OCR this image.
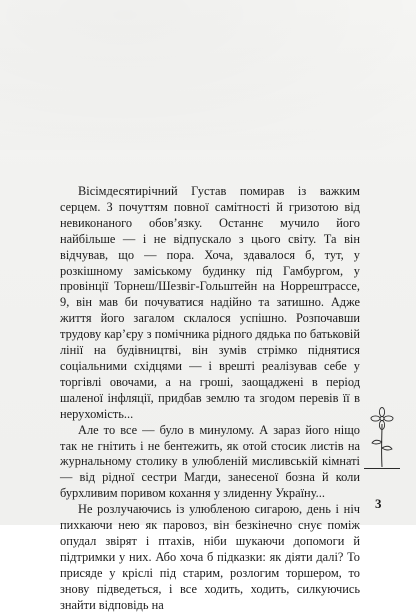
Вісімдесятирічний Густав помирав із важким серцем. З почуттям повної самітності й гризотою від невиконаного обов’язку. Останнє мучило його найбільше — і не відпускало з цього світу. Та він відчував, що — пора. Хоча, здавалося б, тут, у розкішному заміському будинку під Гамбургом, у провінції Торнеш/Шезвіг-Гольштейн на Норрештрассе, 9, він мав би почуватися надійно та затишно. Адже життя його загалом склалося успішно. Розпочавши трудову кар’єру з помічника рідного дядька по батьковій лінії на будівництві, він зумів стрімко піднятися соціальними східцями — і врешті реалізував себе у торгівлі овочами, а на гроші, заощаджені в період шаленої інфляції, придбав землю та згодом перевів її в нерухомість...

Але то все — було в минулому. А зараз його ніщо так не гнітить і не бентежить, як отой стосик листів на журнальному столику в улюбленій мисливській кімнаті — від рідної сестри Магди, занесеної бозна й коли бурхливим поривом кохання у злиденну Україну...

Не розлучаючись із улюбленою сигарою, день і ніч пихкаючи нею як паровоз, він безкінечно снує поміж опудал звірят і птахів, ніби шукаючи допомоги й підтримки у них. Або хоча б підказки: як діяти далі? То присяде у кріслі під старим, розлогим торшером, то знову підведеться, і все ходить, ходить, силкуючись знайти відповідь на

3
